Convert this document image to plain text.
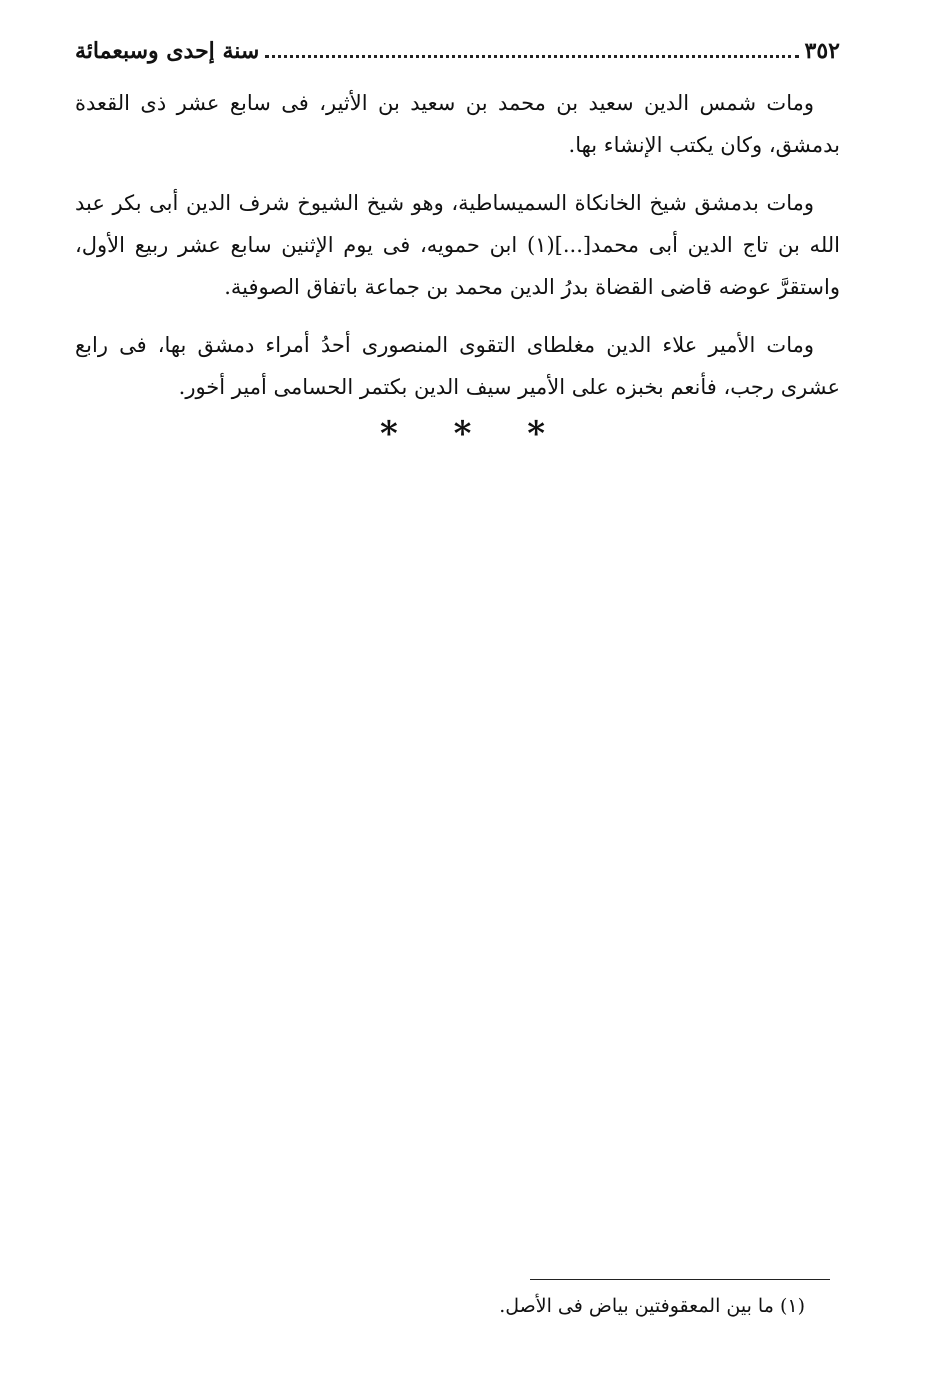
٣٥٢
سنة إحدى وسبعمائة

ومات شمس الدين سعيد بن محمد بن سعيد بن الأثير، فى سابع عشر ذى القعدة بدمشق، وكان يكتب الإنشاء بها.

ومات بدمشق شيخ الخانكاة السميساطية، وهو شيخ الشيوخ شرف الدين أبى بكر عبد الله بن تاج الدين أبى محمد[...](١) ابن حمويه، فى يوم الإثنين سابع عشر ربيع الأول، واستقرَّ عوضه قاضى القضاة بدرُ الدين محمد بن جماعة باتفاق الصوفية.

ومات الأمير علاء الدين مغلطاى التقوى المنصورى أحدُ أمراء دمشق بها، فى رابع عشرى رجب، فأنعم بخبزه على الأمير سيف الدين بكتمر الحسامى أمير أخور.

* * *
(١) ما بين المعقوفتين بياض فى الأصل.
